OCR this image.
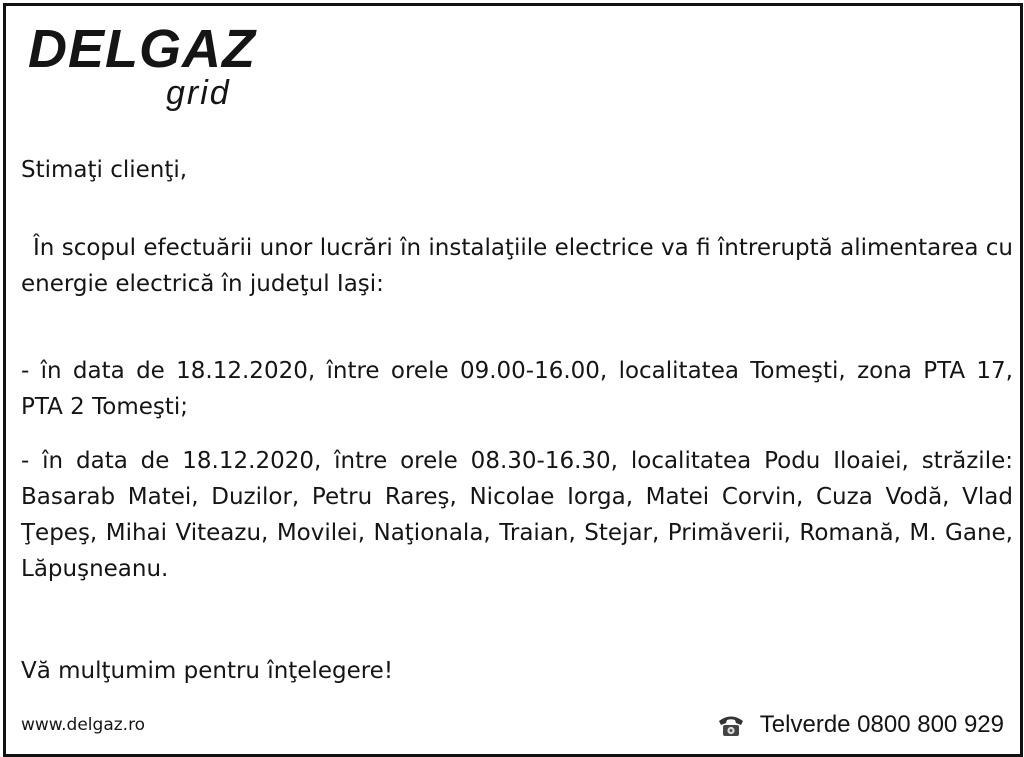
DELGAZ
grid

Stimaţi clienţi,

În scopul efectuării unor lucrări în instalaţiile electrice va fi întreruptă alimentarea cu energie electrică în judeţul Iaşi:

- în data de 18.12.2020, între orele 09.00-16.00, localitatea Tomeşti, zona PTA 17, PTA 2 Tomeşti;

- în data de 18.12.2020, între orele 08.30-16.30, localitatea Podu Iloaiei, străzile: Basarab Matei, Duzilor, Petru Rareş, Nicolae Iorga, Matei Corvin, Cuza Vodă, Vlad Ţepeş, Mihai Viteazu, Movilei, Naţionala, Traian, Stejar, Primăverii, Romană, M. Gane, Lăpuşneanu.

Vă mulţumim pentru înţelegere!

www.delgaz.ro	Telverde 0800 800 929
